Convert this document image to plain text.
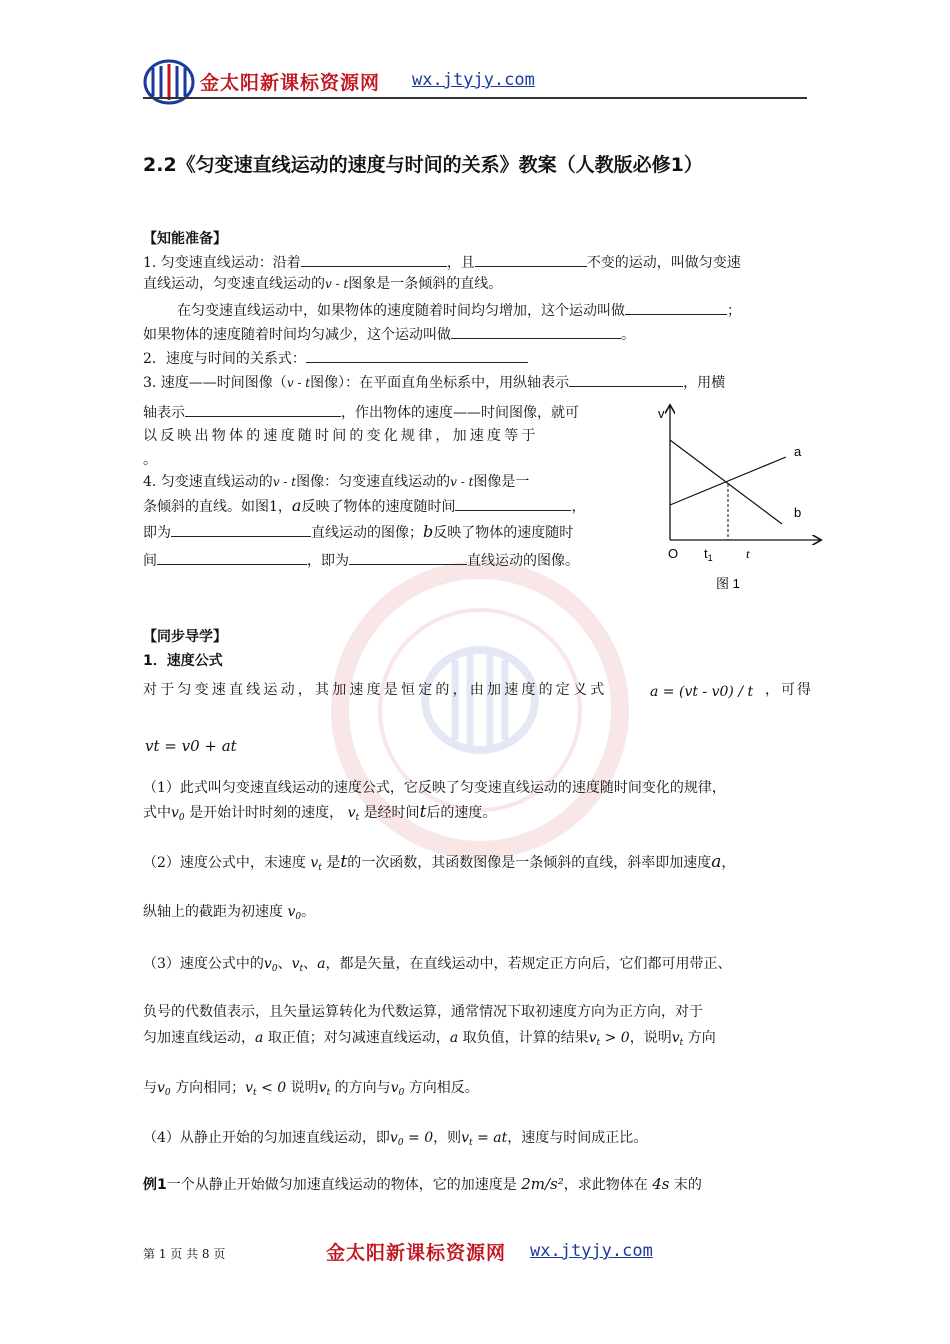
金太阳新课标资源网 wx.jtyjy.com
2.2《匀变速直线运动的速度与时间的关系》教案（人教版必修1）
【知能准备】
1. 匀变速直线运动：沿着	，且	不变的运动，叫做匀变速
直线运动，匀变速直线运动的v - t图象是一条倾斜的直线。
在匀变速直线运动中，如果物体的速度随着时间均匀增加，这个运动叫做	；
如果物体的速度随着时间均匀减少，这个运动叫做	。
2．速度与时间的关系式：
3. 速度——时间图像（v - t图像）：在平面直角坐标系中，用纵轴表示	，用横
轴表示	，作出物体的速度——时间图像，就可
以反映出物体的速度随时间的变化规律，加速度等于
。
4. 匀变速直线运动的v - t图像：匀变速直线运动的v - t图像是一
条倾斜的直线。如图1，a反映了物体的速度随时间	，
即为	直线运动的图像；b反映了物体的速度随时
间	，即为	直线运动的图像。
v
a
b
O $t_1$	t
图 1
【同步导学】
1．速度公式
对于匀变速直线运动，其加速度是恒定的，由加速度的定义式	a = (vt - v0) / t ，可得
vt = v0 + at
（1）此式叫匀变速直线运动的速度公式，它反映了匀变速直线运动的速度随时间变化的规律，
式中$v_0$ 是开始计时时刻的速度， $v_t$ 是经时间t后的速度。
（2）速度公式中，末速度 $v_t$ 是t的一次函数，其函数图像是一条倾斜的直线，斜率即加速度a，
纵轴上的截距为初速度 $v_0$。
（3）速度公式中的$v_0$、$v_t$、a，都是矢量，在直线运动中，若规定正方向后，它们都可用带正、
负号的代数值表示，且矢量运算转化为代数运算，通常情况下取初速度方向为正方向，对于
匀加速直线运动，a 取正值；对匀减速直线运动，a 取负值，计算的结果$v_t > 0$，说明$v_t$ 方向
与$v_0$ 方向相同；$v_t < 0$ 说明$v_t$ 的方向与$v_0$ 方向相反。
（4）从静止开始的匀加速直线运动，即$v_0 = 0$，则$v_t$ = at，速度与时间成正比。
例1一个从静止开始做匀加速直线运动的物体，它的加速度是 2m/s²，求此物体在 4s 末的
第 1 页 共 8 页	金太阳新课标资源网 wx.jtyjy.com
